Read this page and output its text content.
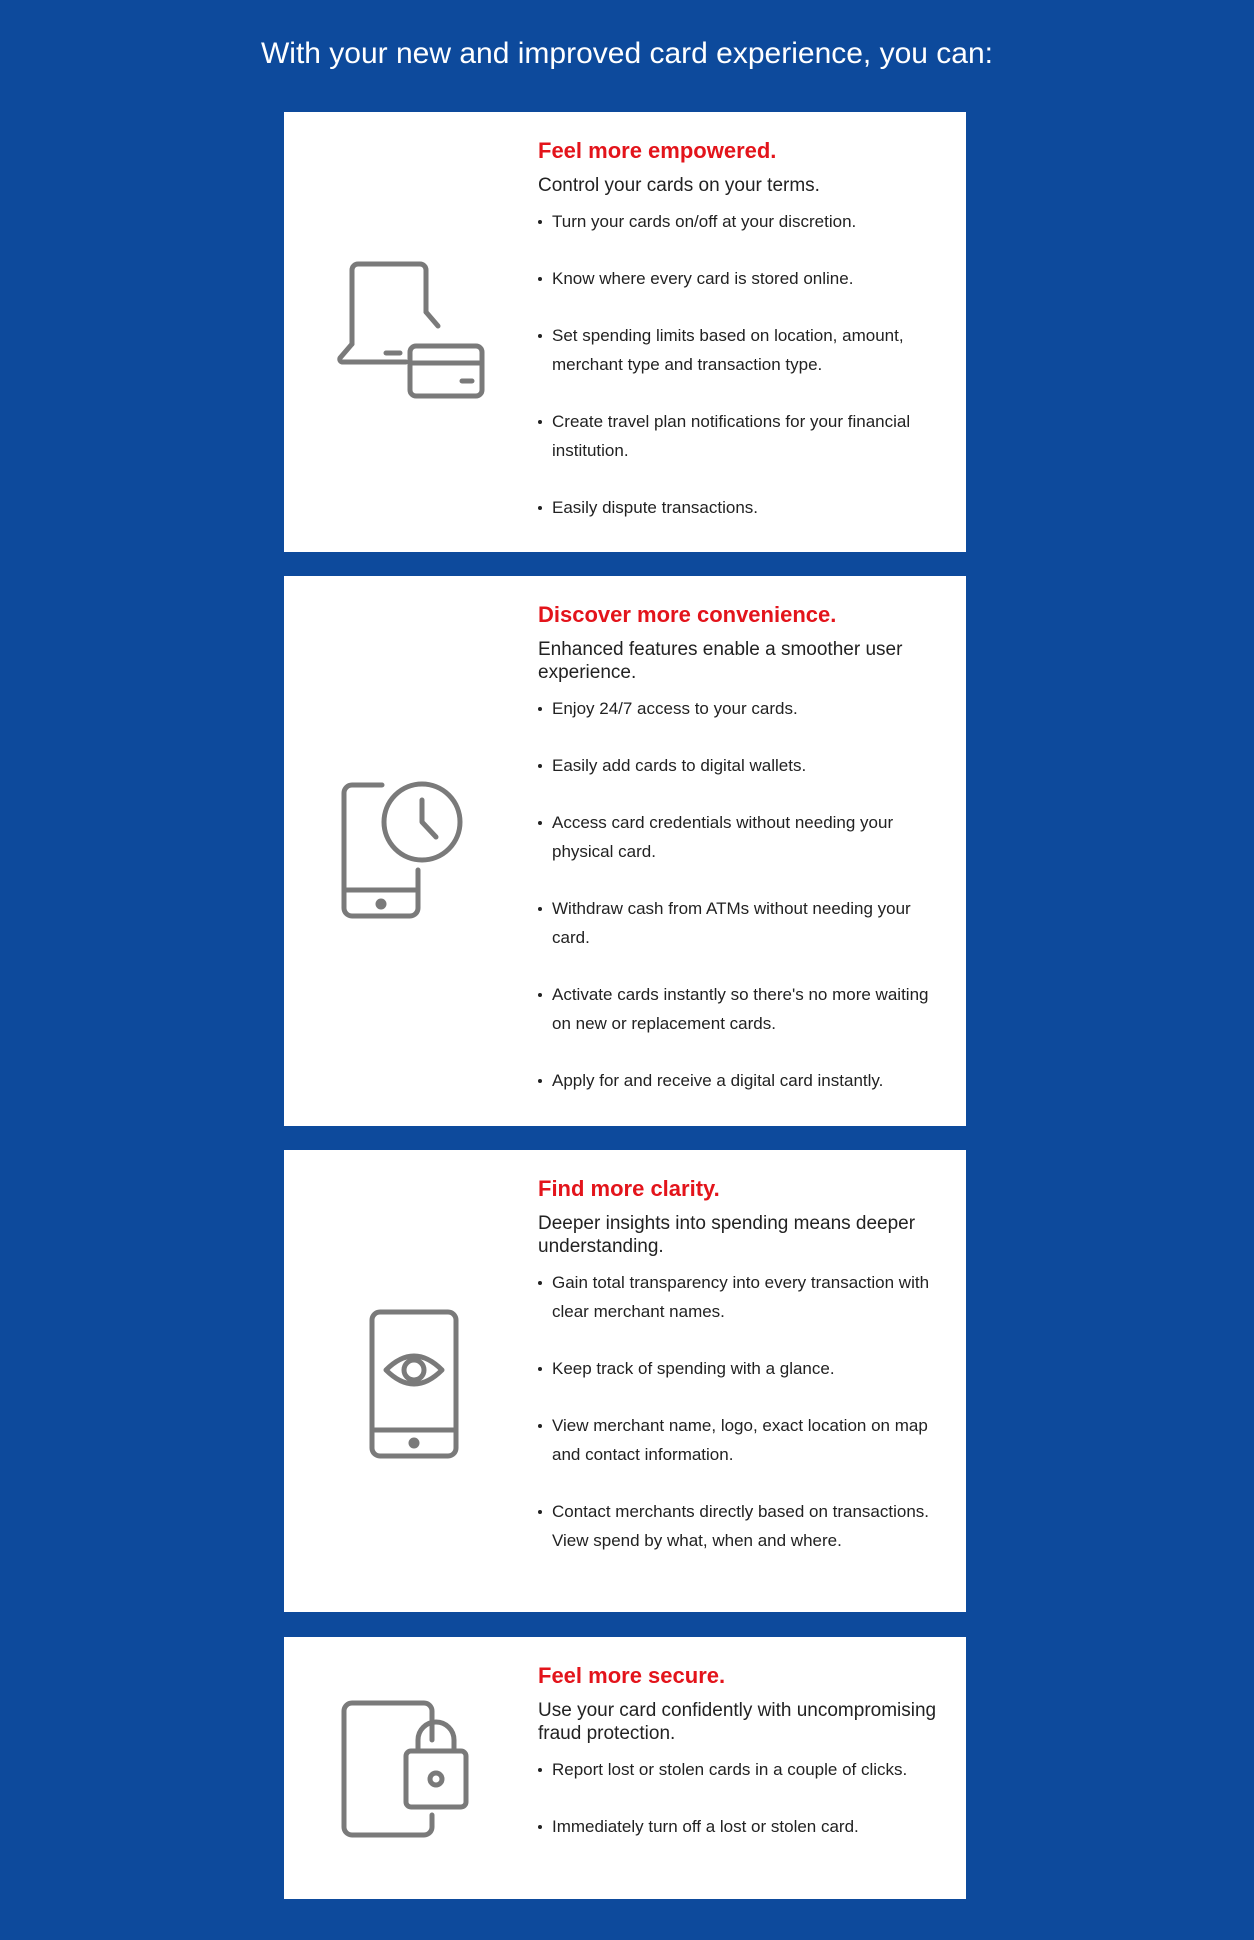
With your new and improved card experience, you can:
Feel more empowered.

Control your cards on your terms.

Turn your cards on/off at your discretion.
Know where every card is stored online.
Set spending limits based on location, amount, merchant type and transaction type.
Create travel plan notifications for your financial institution.
Easily dispute transactions.
Discover more convenience.

Enhanced features enable a smoother user experience.

Enjoy 24/7 access to your cards.
Easily add cards to digital wallets.
Access card credentials without needing your physical card.
Withdraw cash from ATMs without needing your card.
Activate cards instantly so there's no more waiting on new or replacement cards.
Apply for and receive a digital card instantly.
Find more clarity.

Deeper insights into spending means deeper understanding.

Gain total transparency into every transaction with clear merchant names.
Keep track of spending with a glance.
View merchant name, logo, exact location on map and contact information.
Contact merchants directly based on transactions. View spend by what, when and where.
Feel more secure.

Use your card confidently with uncompromising fraud protection.

Report lost or stolen cards in a couple of clicks.
Immediately turn off a lost or stolen card.
